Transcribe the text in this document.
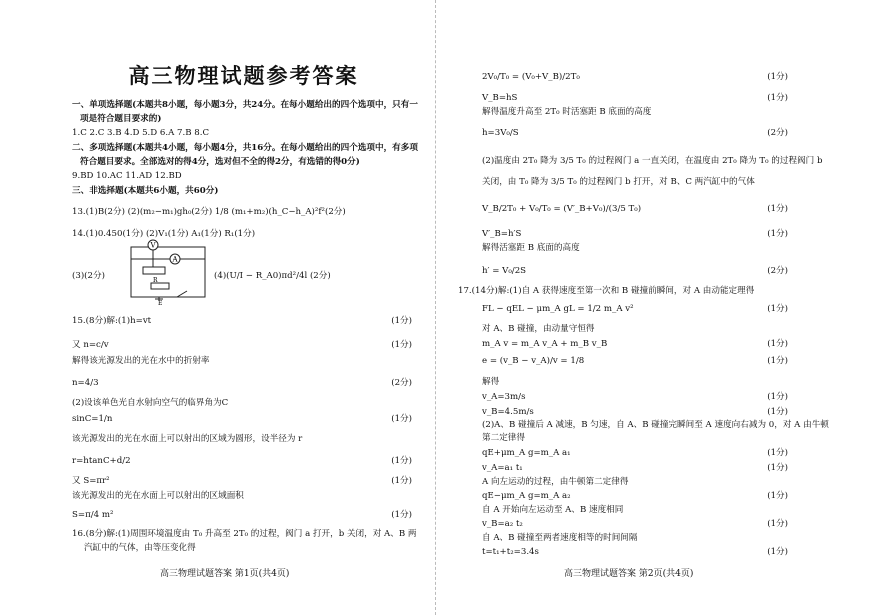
高三物理试题参考答案
一、单项选择题(本题共8小题，每小题3分，共24分。在每小题给出的四个选项中，只有一
项是符合题目要求的)
1.C 2.C 3.B 4.D 5.D 6.A 7.B 8.C
二、多项选择题(本题共4小题，每小题4分，共16分。在每小题给出的四个选项中，有多项
符合题目要求。全部选对的得4分，选对但不全的得2分，有选错的得0分)
9.BD 10.AC 11.AD 12.BD
三、非选择题(本题共6小题，共60分)
13.(1)B(2分) (2)(m₂−m₁)gh₀(2分) 1/8 (m₁+m₂)(h_C−h_A)²f²(2分)
14.(1)0.450(1分) (2)V₁(1分) A₁(1分) R₁(1分)
(3)(2分)	(4)(U/I − R_A0)πd²/4l (2分)
15.(8分)解:(1)h=vt	(1分)
又 n=c/v	(1分)
解得该光源发出的光在水中的折射率
n=4/3	(2分)
(2)设该单色光自水射向空气的临界角为C
sinC=1/n	(1分)
该光源发出的光在水面上可以射出的区域为圆形，设半径为 r
r=htanC+d/2	(1分)
又 S=πr²	(1分)
该光源发出的光在水面上可以射出的区域面积
S=π/4 m²	(1分)
16.(8分)解:(1)周围环境温度由 T₀ 升高至 2T₀ 的过程，阀门 a 打开，b 关闭，对 A、B 两
汽缸中的气体，由等压变化得
V
A
R
E
高三物理试题答案 第1页(共4页)
2V₀/T₀ = (V₀+V_B)/2T₀	(1分)
V_B=hS	(1分)
解得温度升高至 2T₀ 时活塞距 B 底面的高度
h=3V₀/S	(2分)
(2)温度由 2T₀ 降为 3/5 T₀ 的过程阀门 a 一直关闭，在温度由 2T₀ 降为 T₀ 的过程阀门 b
关闭，由 T₀ 降为 3/5 T₀ 的过程阀门 b 打开，对 B、C 两汽缸中的气体
V_B/2T₀ + V₀/T₀ = (V′_B+V₀)/(3/5 T₀)	(1分)
V′_B=h′S	(1分)
解得活塞距 B 底面的高度
h′ = V₀/2S	(2分)
17.(14分)解:(1)自 A 获得速度至第一次和 B 碰撞前瞬间，对 A 由动能定理得
FL − qEL − μm_A gL = 1/2 m_A v²	(1分)
对 A、B 碰撞，由动量守恒得
m_A v = m_A v_A + m_B v_B	(1分)
e = (v_B − v_A)/v = 1/8	(1分)
解得
v_A=3m/s	(1分)
v_B=4.5m/s	(1分)
(2)A、B 碰撞后 A 减速，B 匀速，自 A、B 碰撞完瞬间至 A 速度向右减为 0，对 A 由牛顿
第二定律得
qE+μm_A g=m_A a₁	(1分)
v_A=a₁ t₁	(1分)
A 向左运动的过程，由牛顿第二定律得
qE−μm_A g=m_A a₂	(1分)
自 A 开始向左运动至 A、B 速度相同
v_B=a₂ t₂	(1分)
自 A、B 碰撞至两者速度相等的时间间隔
t=t₁+t₂=3.4s	(1分)
高三物理试题答案 第2页(共4页)
